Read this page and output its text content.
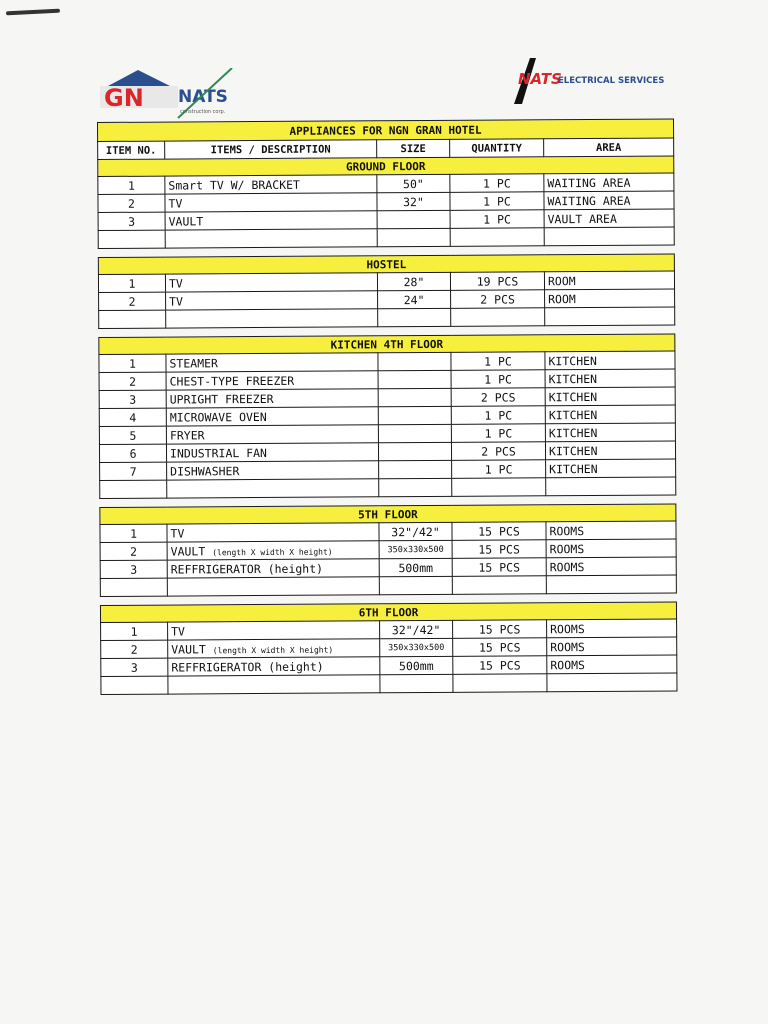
GN NATS
construction corp.
NATS
ELECTRICAL SERVICES
APPLIANCES FOR NGN GRAN HOTEL				
ITEM NO.	ITEMS / DESCRIPTION	SIZE	QUANTITY	AREA
GROUND FLOOR				
1	Smart TV W/ BRACKET	50"	1 PC	WAITING AREA
2	TV	32"	1 PC	WAITING AREA
3	VAULT		1 PC	VAULT AREA

HOSTEL				
1	TV	28"	19 PCS	ROOM
2	TV	24"	2 PCS	ROOM

KITCHEN 4TH FLOOR				
1	STEAMER		1 PC	KITCHEN
2	CHEST-TYPE FREEZER		1 PC	KITCHEN
3	UPRIGHT FREEZER		2 PCS	KITCHEN
4	MICROWAVE OVEN		1 PC	KITCHEN
5	FRYER		1 PC	KITCHEN
6	INDUSTRIAL FAN		2 PCS	KITCHEN
7	DISHWASHER		1 PC	KITCHEN

5TH FLOOR				
1	TV	32"/42"	15 PCS	ROOMS
2	VAULT (length X width X height)	350x330x500	15 PCS	ROOMS
3	REFFRIGERATOR (height)	500mm	15 PCS	ROOMS

6TH FLOOR				
1	TV	32"/42"	15 PCS	ROOMS
2	VAULT (length X width X height)	350x330x500	15 PCS	ROOMS
3	REFFRIGERATOR (height)	500mm	15 PCS	ROOMS
